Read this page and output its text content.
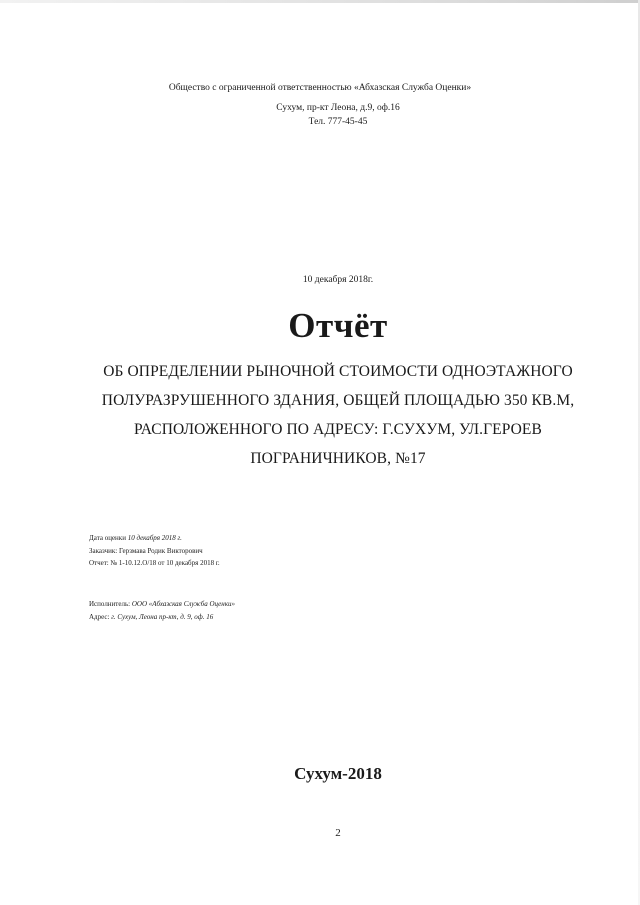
Общество с ограниченной ответственностью «Абхазская Служба Оценки»
Сухум, пр-кт Леона, д.9, оф.16
Тел. 777-45-45
10 декабря 2018г.
Отчёт
ОБ ОПРЕДЕЛЕНИИ РЫНОЧНОЙ СТОИМОСТИ ОДНОЭТАЖНОГО
ПОЛУРАЗРУШЕННОГО ЗДАНИЯ, ОБЩЕЙ ПЛОЩАДЬЮ 350 КВ.М,
РАСПОЛОЖЕННОГО ПО АДРЕСУ: Г.СУХУМ, УЛ.ГЕРОЕВ
ПОГРАНИЧНИКОВ, №17
Дата оценки 10 декабря 2018 г.
Заказчик: Герзмава Родик Викторович
Отчет: № 1-10.12.О/18 от 10 декабря 2018 г.
Исполнитель: ООО «Абхазская Служба Оценки»
Адрес: г. Сухум, Леона пр-кт, д. 9, оф. 16
Сухум-2018
2
